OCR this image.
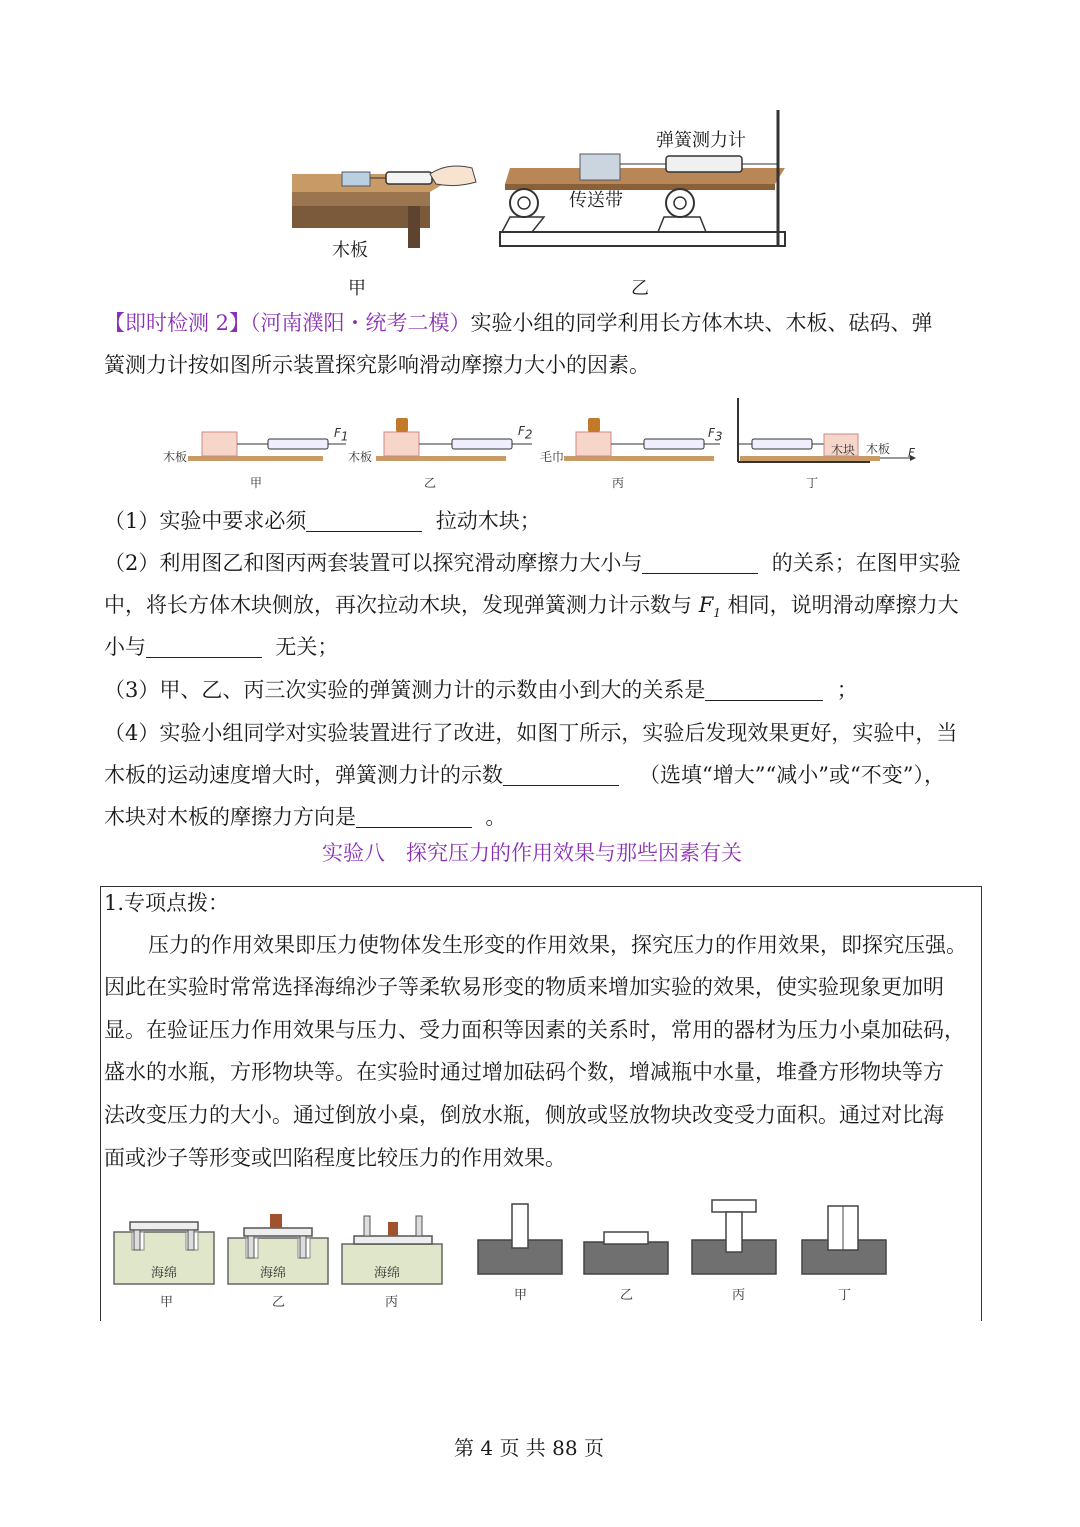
木板
甲
弹簧测力计
传送带
乙
【即时检测 2】（河南濮阳・统考二模）实验小组的同学利用长方体木块、木板、砝码、弹
簧测力计按如图所示装置探究影响滑动摩擦力大小的因素。
木板	木板	毛巾	木块 木板
$F_1$	$F_2$	$F_3$
F
甲	乙	丙	丁
（1）实验中要求必须	拉动木块；
（2）利用图乙和图丙两套装置可以探究滑动摩擦力大小与	的关系；在图甲实验
中，将长方体木块侧放，再次拉动木块，发现弹簧测力计示数与 $F_1$ 相同，说明滑动摩擦力大
小与	无关；
（3）甲、乙、丙三次实验的弹簧测力计的示数由小到大的关系是	；
（4）实验小组同学对实验装置进行了改进，如图丁所示，实验后发现效果更好，实验中，当
木板的运动速度增大时，弹簧测力计的示数	（选填“增大”“减小”或“不变”），
木块对木板的摩擦力方向是	。
实验八　探究压力的作用效果与那些因素有关
1.专项点拨：
压力的作用效果即压力使物体发生形变的作用效果，探究压力的作用效果，即探究压强。
因此在实验时常常选择海绵沙子等柔软易形变的物质来增加实验的效果，使实验现象更加明
显。在验证压力作用效果与压力、受力面积等因素的关系时，常用的器材为压力小桌加砝码，
盛水的水瓶，方形物块等。在实验时通过增加砝码个数，增减瓶中水量，堆叠方形物块等方
法改变压力的大小。通过倒放小桌，倒放水瓶，侧放或竖放物块改变受力面积。通过对比海
面或沙子等形变或凹陷程度比较压力的作用效果。
海绵	海绵	海绵
甲	乙	丙	甲	乙	丙	丁
第 4 页 共 88 页
